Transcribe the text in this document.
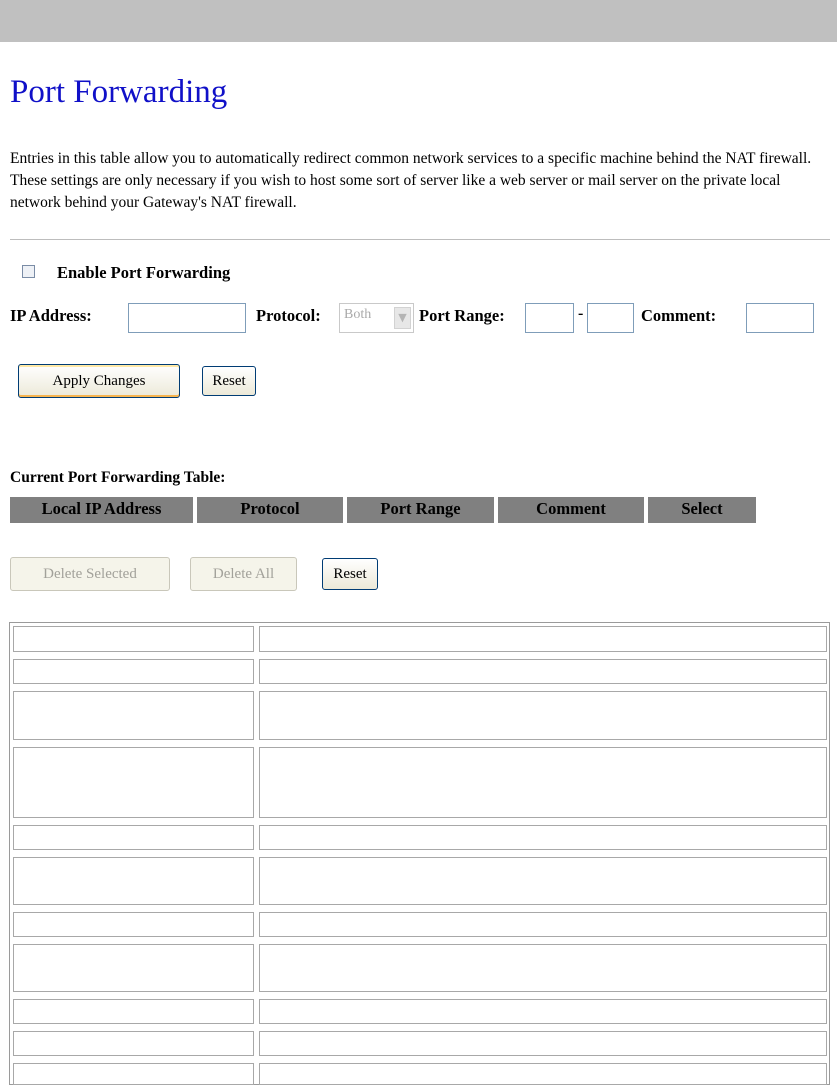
Port Forwarding
Entries in this table allow you to automatically redirect common network services to a specific machine behind the NAT firewall. These settings are only necessary if you wish to host some sort of server like a web server or mail server on the private local network behind your Gateway's NAT firewall.
Enable Port Forwarding
IP Address:	Protocol: Both	▼ Port Range:	-	Comment:
Apply Changes	Reset
Current Port Forwarding Table:
Local IP Address	Protocol	Port Range	Comment	Select
Delete Selected	Delete All	Reset
